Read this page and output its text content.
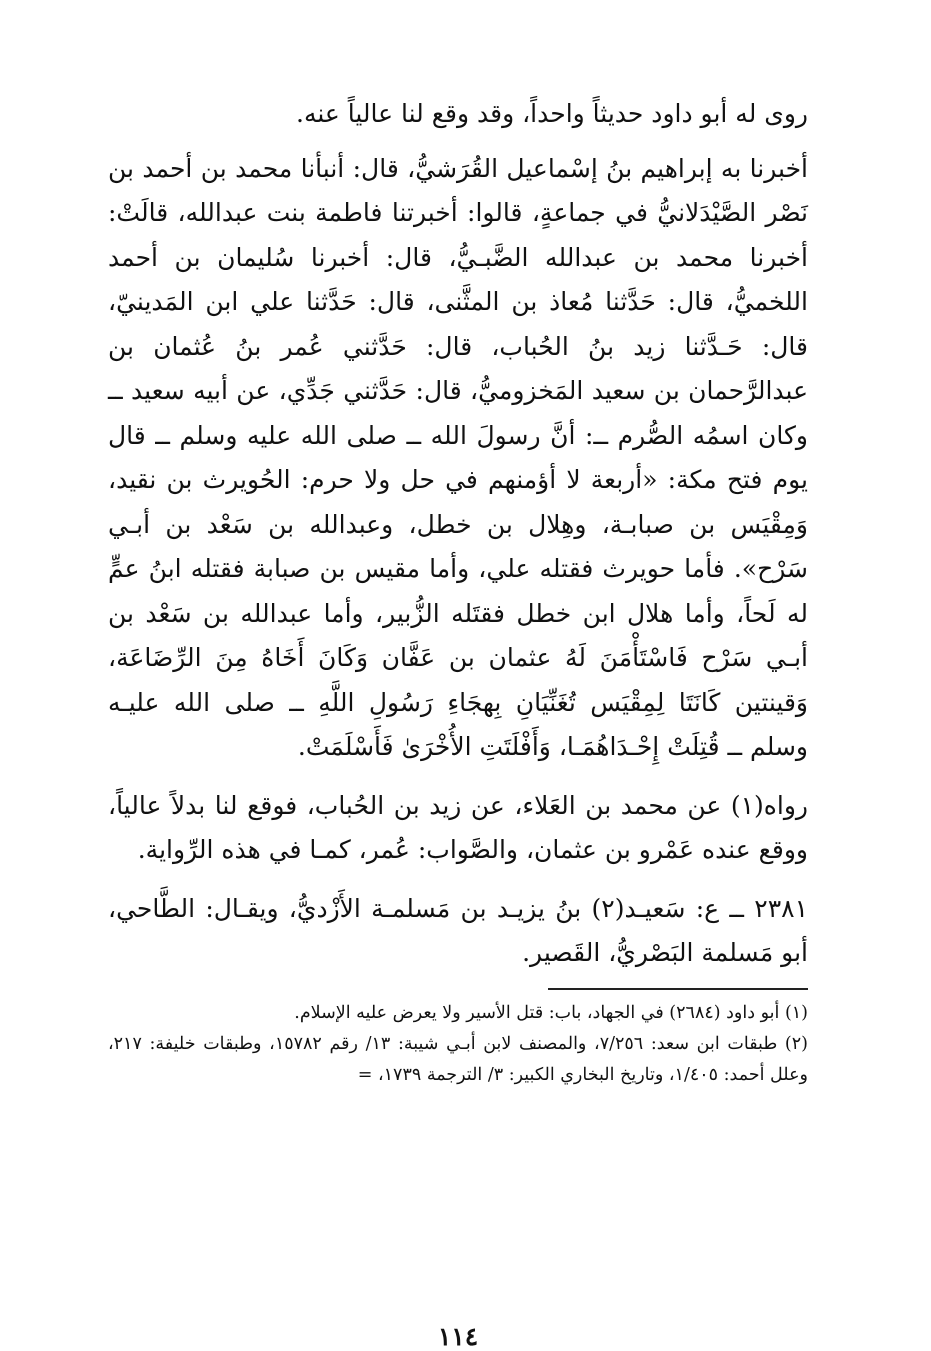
روى له أبو داود حديثاً واحداً، وقد وقع لنا عالياً عنه.

أخبرنا به إبراهيم بنُ إسْماعيل القُرَشيُّ، قال: أنبأنا محمد بن أحمد بن نَصْر الصَّيْدَلانيُّ في جماعةٍ، قالوا: أخبرتنا فاطمة بنت عبدالله، قالَتْ: أخبرنا محمد بن عبدالله الضَّبـيُّ، قال: أخبرنا سُليمان بن أحمد اللخميُّ، قال: حَدَّثنا مُعاذ بن المثَّنى، قال: حَدَّثنا علي ابن المَدينيّ، قال: حَـدَّثنا زيد بنُ الحُباب، قال: حَدَّثني عُمر بنُ عُثمان بن عبدالرَّحمان بن سعيد المَخزوميُّ، قال: حَدَّثني جَدِّي، عن أبيه سعيد ــ وكان اسمُه الصُّرم ــ: أنَّ رسولَ الله ــ صلى الله عليه وسلم ــ قال يوم فتح مكة: «أربعة لا أؤمنهم في حل ولا حرم: الحُويرث بن نقيد، وَمِقْيَس بن صبابـة، وهِلال بن خطل، وعبدالله بن سَعْد بن أبـي سَرْح». فأما حويرث فقتله علي، وأما مقيس بن صبابة فقتله ابنُ عمٍّ له لَحاً، وأما هلال ابن خطل فقتَله الزُّبير، وأما عبدالله بن سَعْد بن أبـي سَرْح فَاسْتَأْمَنَ لَهُ عثمان بن عَفَّان وَكَانَ أَخَاهُ مِنَ الرِّضَاعَة، وَقينتين كَانَتَا لِمِقْيَس تُغَنِّيَانِ بِهجَاءِ رَسُولِ اللَّهِ ــ صلى الله عليـه وسلم ــ قُتِلَتْ إِحْـدَاهُمَـا، وَأَفْلَتَتِ الأُخْرَىٰ فَأَسْلَمَتْ.

رواه(١) عن محمد بن العَلاء، عن زيد بن الحُباب، فوقع لنا بدلاً عالياً، ووقع عنده عَمْرو بن عثمان، والصَّواب: عُمر، كمـا في هذه الرِّواية.

٢٣٨١ ــ ع: سَعيـد(٢) بنُ يزيـد بن مَسلمـة الأَزْديُّ، ويقـال: الطَّاحي، أبو مَسلمة البَصْريُّ، القَصير.

(١) أبو داود (٢٦٨٤) في الجهاد، باب: قتل الأسير ولا يعرض عليه الإسلام.

(٢) طبقات ابن سعد: ٧/٢٥٦، والمصنف لابن أبـي شيبة: ١٣/ رقم ١٥٧٨٢، وطبقات خليفة: ٢١٧، وعلل أحمد: ١/٤٠٥، وتاريخ البخاري الكبير: ٣/ الترجمة ١٧٣٩، =

١١٤
